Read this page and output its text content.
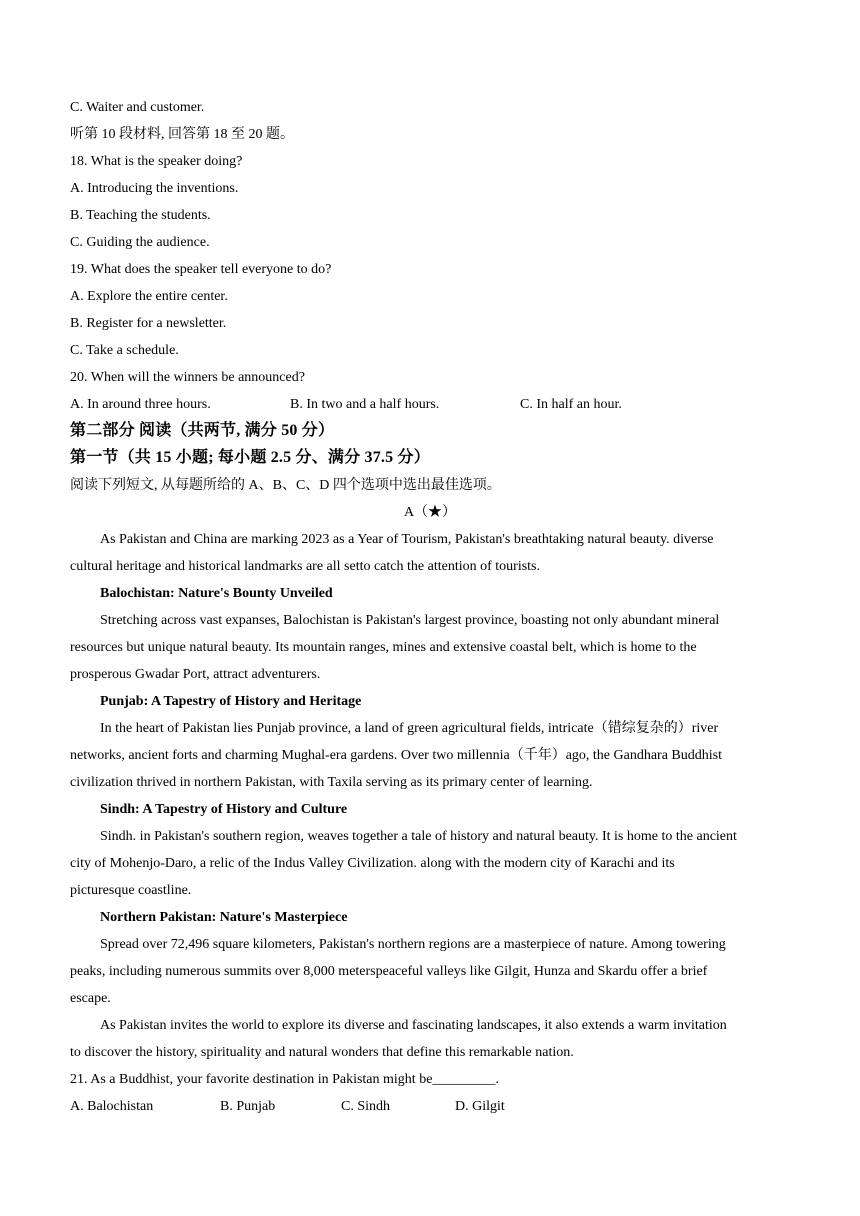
C. Waiter and customer.
听第 10 段材料, 回答第 18 至 20 题。
18. What is the speaker doing?
A. Introducing the inventions.
B. Teaching the students.
C. Guiding the audience.
19. What does the speaker tell everyone to do?
A. Explore the entire center.
B. Register for a newsletter.
C. Take a schedule.
20. When will the winners be announced?
A. In around three hours.	B. In two and a half hours.	C. In half an hour.
第二部分 阅读（共两节, 满分 50 分）
第一节（共 15 小题; 每小题 2.5 分、满分 37.5 分）
阅读下列短文, 从每题所给的 A、B、C、D 四个选项中选出最佳选项。
A（★）
As Pakistan and China are marking 2023 as a Year of Tourism, Pakistan's breathtaking natural beauty. diverse
cultural heritage and historical landmarks are all setto catch the attention of tourists.
Balochistan: Nature's Bounty Unveiled
Stretching across vast expanses, Balochistan is Pakistan's largest province, boasting not only abundant mineral
resources but unique natural beauty. Its mountain ranges, mines and extensive coastal belt, which is home to the
prosperous Gwadar Port, attract adventurers.
Punjab: A Tapestry of History and Heritage
In the heart of Pakistan lies Punjab province, a land of green agricultural fields, intricate（错综复杂的）river
networks, ancient forts and charming Mughal-era gardens. Over two millennia（千年）ago, the Gandhara Buddhist
civilization thrived in northern Pakistan, with Taxila serving as its primary center of learning.
Sindh: A Tapestry of History and Culture
Sindh. in Pakistan's southern region, weaves together a tale of history and natural beauty. It is home to the ancient
city of Mohenjo-Daro, a relic of the Indus Valley Civilization. along with the modern city of Karachi and its
picturesque coastline.
Northern Pakistan: Nature's Masterpiece
Spread over 72,496 square kilometers, Pakistan's northern regions are a masterpiece of nature. Among towering
peaks, including numerous summits over 8,000 meterspeaceful valleys like Gilgit, Hunza and Skardu offer a brief
escape.
As Pakistan invites the world to explore its diverse and fascinating landscapes, it also extends a warm invitation
to discover the history, spirituality and natural wonders that define this remarkable nation.
21. As a Buddhist, your favorite destination in Pakistan might be_________.
A. Balochistan	B. Punjab	C. Sindh	D. Gilgit
